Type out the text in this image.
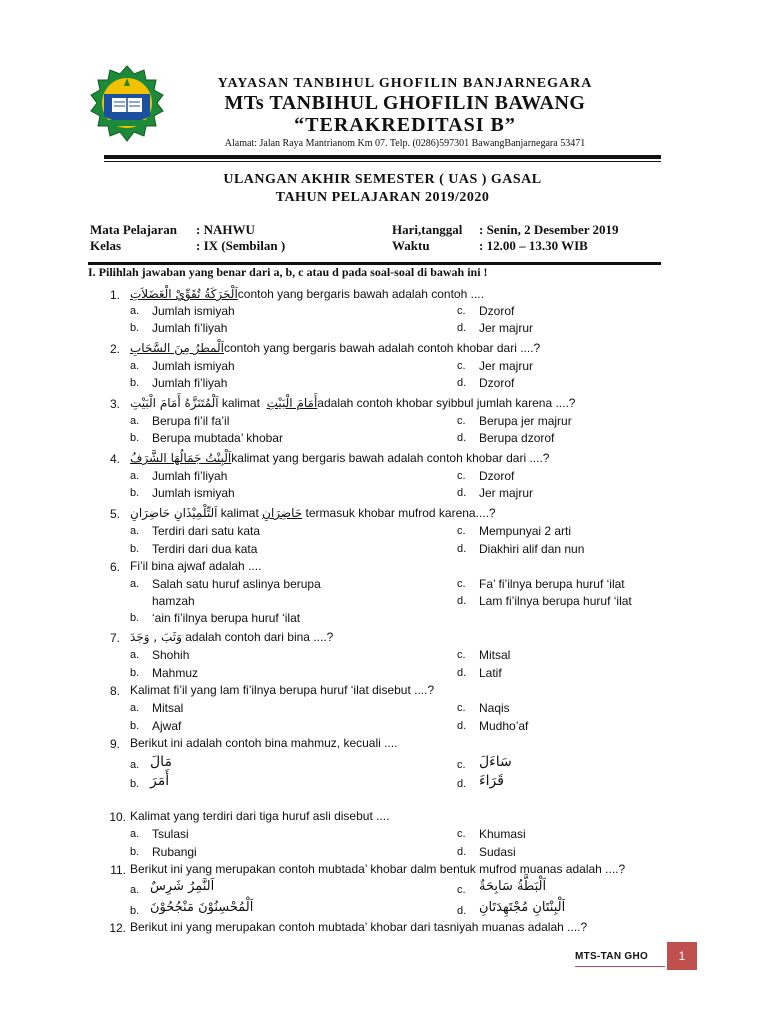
YAYASAN TANBIHUL GHOFILIN BANJARNEGARA
MTs TANBIHUL GHOFILIN BAWANG
“TERAKREDITASI B”
Alamat: Jalan Raya Mantrianom Km 07. Telp. (0286)597301 BawangBanjarnegara 53471
ULANGAN AKHIR SEMESTER ( UAS ) GASAL
TAHUN PELAJARAN 2019/2020
Mata Pelajaran : NAHWU
Kelas	: IX (Sembilan )
Hari,tanggal : Senin, 2 Desember 2019
Waktu	: 12.00 – 13.30 WIB
I. Pilihlah jawaban yang benar dari a, b, c atau d pada soal-soal di bawah ini !
1. اَلْحَرَكَةُ تُقَوِّيْ الْعَضَلاَتِcontoh yang bergaris bawah adalah contoh ....
a. Jumlah ismiyah	c. Dzorof
b. Jumlah fi’liyah	d. Jer majrur
2. اَلْمطرُ مِنَ السَّحَابِcontoh yang bergaris bawah adalah contoh khobar dari ....?
a. Jumlah ismiyah	c. Jer majrur
b. Jumlah fi’liyah	d. Dzorof
3. اَلْمُتَنَزَّهُ أَمَامَ الْبَيْتِ kalimat أَمَامَ الْبَيْتِadalah contoh khobar syibbul jumlah karena ....?
a. Berupa fi’il fa’il	c. Berupa jer majrur
b. Berupa mubtada’ khobar	d. Berupa dzorof
4. اَلْبِنْتُ جَمَالُهَا الشَّرَفُkalimat yang bergaris bawah adalah contoh khobar dari ....?
a. Jumlah fi’liyah	c. Dzorof
b. Jumlah ismiyah	d. Jer majrur
5. اَلتِّلْمِيْذَانِ حَاضِرَانِ kalimat حَاضِرَانِ termasuk khobar mufrod karena....?
a. Terdiri dari satu kata	c. Mempunyai 2 arti
b. Terdiri dari dua kata	d. Diakhiri alif dan nun
6. Fi’il bina ajwaf adalah ....
a. Salah satu huruf aslinya berupa
hamzah
c. Fa’ fi’ilnya berupa huruf ‘ilat
d. Lam fi’ilnya berupa huruf ‘ilat
b. ‘ain fi’ilnya berupa huruf ‘ilat
7. وَثَبَ , وَجَدَ adalah contoh dari bina ....?
a. Shohih	c. Mitsal
b. Mahmuz	d. Latif
8. Kalimat fi’il yang lam fi’ilnya berupa huruf ‘ilat disebut ....?
a. Mitsal	c. Naqis
b. Ajwaf	d. Mudho’af
9. Berikut ini adalah contoh bina mahmuz, kecuali ....
a. مَالَ	c. سَاءَلَ
b. أَمَرَ	d. قَرَاءَ
10. Kalimat yang terdiri dari tiga huruf asli disebut ....
a. Tsulasi	c. Khumasi
b. Rubangi	d. Sudasi
11. Berikut ini yang merupakan contoh mubtada’ khobar dalm bentuk mufrod muanas adalah ....?
a. اَلنَّمِرُ شَرِسٌ	c. اَلْبَطَّةُ سَابِحَةٌ
b. اَلْمُحْسِنُوْنَ مَنْجُحُوْنَ	d. اَلْبِنْتَانِ مُجْتَهِدَتَانِ
12. Berikut ini yang merupakan contoh mubtada’ khobar dari tasniyah muanas adalah ....?
MTS-TAN GHO	1
